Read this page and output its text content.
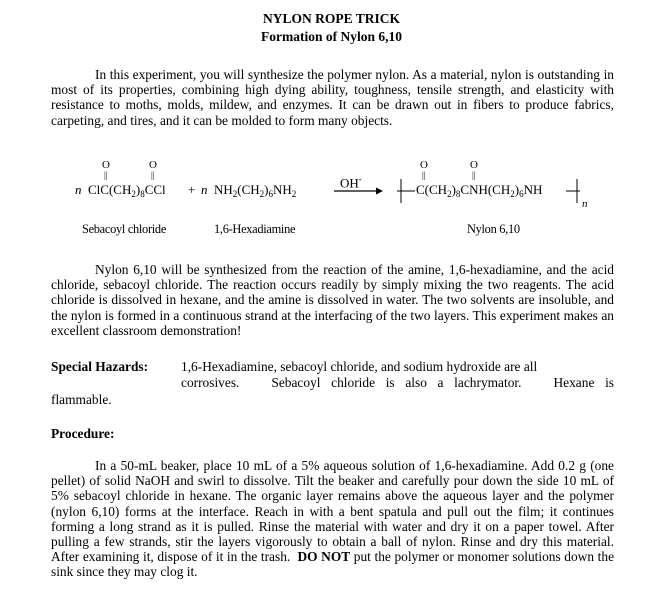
NYLON ROPE TRICK
Formation of Nylon 6,10

In this experiment, you will synthesize the polymer nylon. As a material, nylon is outstanding in most of its properties, combining high dying ability, toughness, tensile strength, and elasticity with resistance to moths, molds, mildew, and enzymes. It can be drawn out in fibers to produce fabrics, carpeting, and tires, and it can be molded to form many objects.

O
||
O
||
O
||
O
||
n $ClC(CH_2)_8CCl + n$ $NH_2(CH_2)_6NH_2$
OH-
$C(CH_2)_8CNH(CH_2)_6NH$
n
Sebacoyl chloride	1,6-Hexadiamine	Nylon 6,10

Nylon 6,10 will be synthesized from the reaction of the amine, 1,6-hexadiamine, and the acid chloride, sebacoyl chloride. The reaction occurs readily by simply mixing the two reagents. The acid chloride is dissolved in hexane, and the amine is dissolved in water. The two solvents are insoluble, and the nylon is formed in a continuous strand at the interfacing of the two layers. This experiment makes an excellent classroom demonstration!

Special Hazards: 1,6-Hexadiamine, sebacoyl chloride, and sodium hydroxide are all
corrosives.   Sebacoyl chloride is also a lachrymator.   Hexane is
flammable.
Procedure:

In a 50-mL beaker, place 10 mL of a 5% aqueous solution of 1,6-hexadiamine. Add 0.2 g (one pellet) of solid NaOH and swirl to dissolve. Tilt the beaker and carefully pour down the side 10 mL of 5% sebacoyl chloride in hexane. The organic layer remains above the aqueous layer and the polymer (nylon 6,10) forms at the interface. Reach in with a bent spatula and pull out the film; it continues forming a long strand as it is pulled. Rinse the material with water and dry it on a paper towel. After pulling a few strands, stir the layers vigorously to obtain a ball of nylon. Rinse and dry this material. After examining it, dispose of it in the trash. DO NOT put the polymer or monomer solutions down the sink since they may clog it.
